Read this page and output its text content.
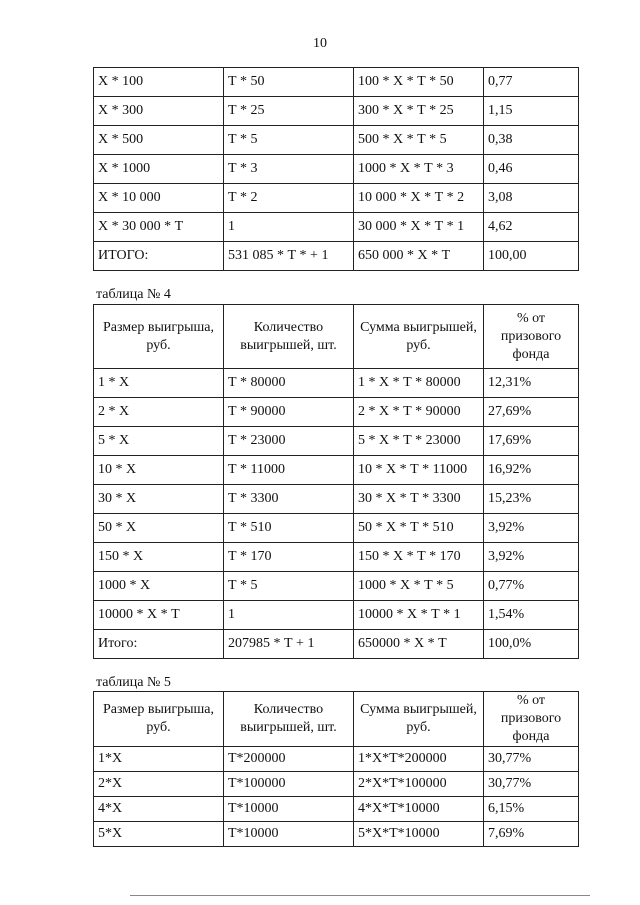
10
Х * 100	Т * 50	100 * Х * Т * 50	0,77
Х * 300	Т * 25	300 * Х * Т * 25	1,15
Х * 500	Т * 5	500 * Х * Т * 5	0,38
Х * 1000	Т * 3	1000 * Х * Т * 3	0,46
Х * 10 000	Т * 2	10 000 * Х * Т * 2	3,08
Х * 30 000 * Т	1	30 000 * Х * Т * 1	4,62
ИТОГО:	531 085 * Т * + 1	650 000 * Х * Т	100,00
таблица № 4
Размер выигрыша, руб.	Количество выигрышей, шт.	Сумма выигрышей, руб.	% от призового фонда
1 * Х	Т * 80000	1 * Х * Т * 80000	12,31%
2 * Х	Т * 90000	2 * Х * Т * 90000	27,69%
5 * Х	Т * 23000	5 * Х * Т * 23000	17,69%
10 * Х	Т * 11000	10 * Х * Т * 11000	16,92%
30 * Х	Т * 3300	30 * Х * Т * 3300	15,23%
50 * Х	Т * 510	50 * Х * Т * 510	3,92%
150 * Х	Т * 170	150 * Х * Т * 170	3,92%
1000 * Х	Т * 5	1000 * Х * Т * 5	0,77%
10000 * Х * Т	1	10000 * Х * Т * 1	1,54%
Итого:	207985 * Т + 1	650000 * Х * Т	100,0%
таблица № 5
Размер выигрыша, руб.	Количество выигрышей, шт.	Сумма выигрышей, руб.	% от призового фонда
1*Х	Т*200000	1*Х*Т*200000	30,77%
2*Х	Т*100000	2*Х*Т*100000	30,77%
4*Х	Т*10000	4*Х*Т*10000	6,15%
5*Х	Т*10000	5*Х*Т*10000	7,69%
